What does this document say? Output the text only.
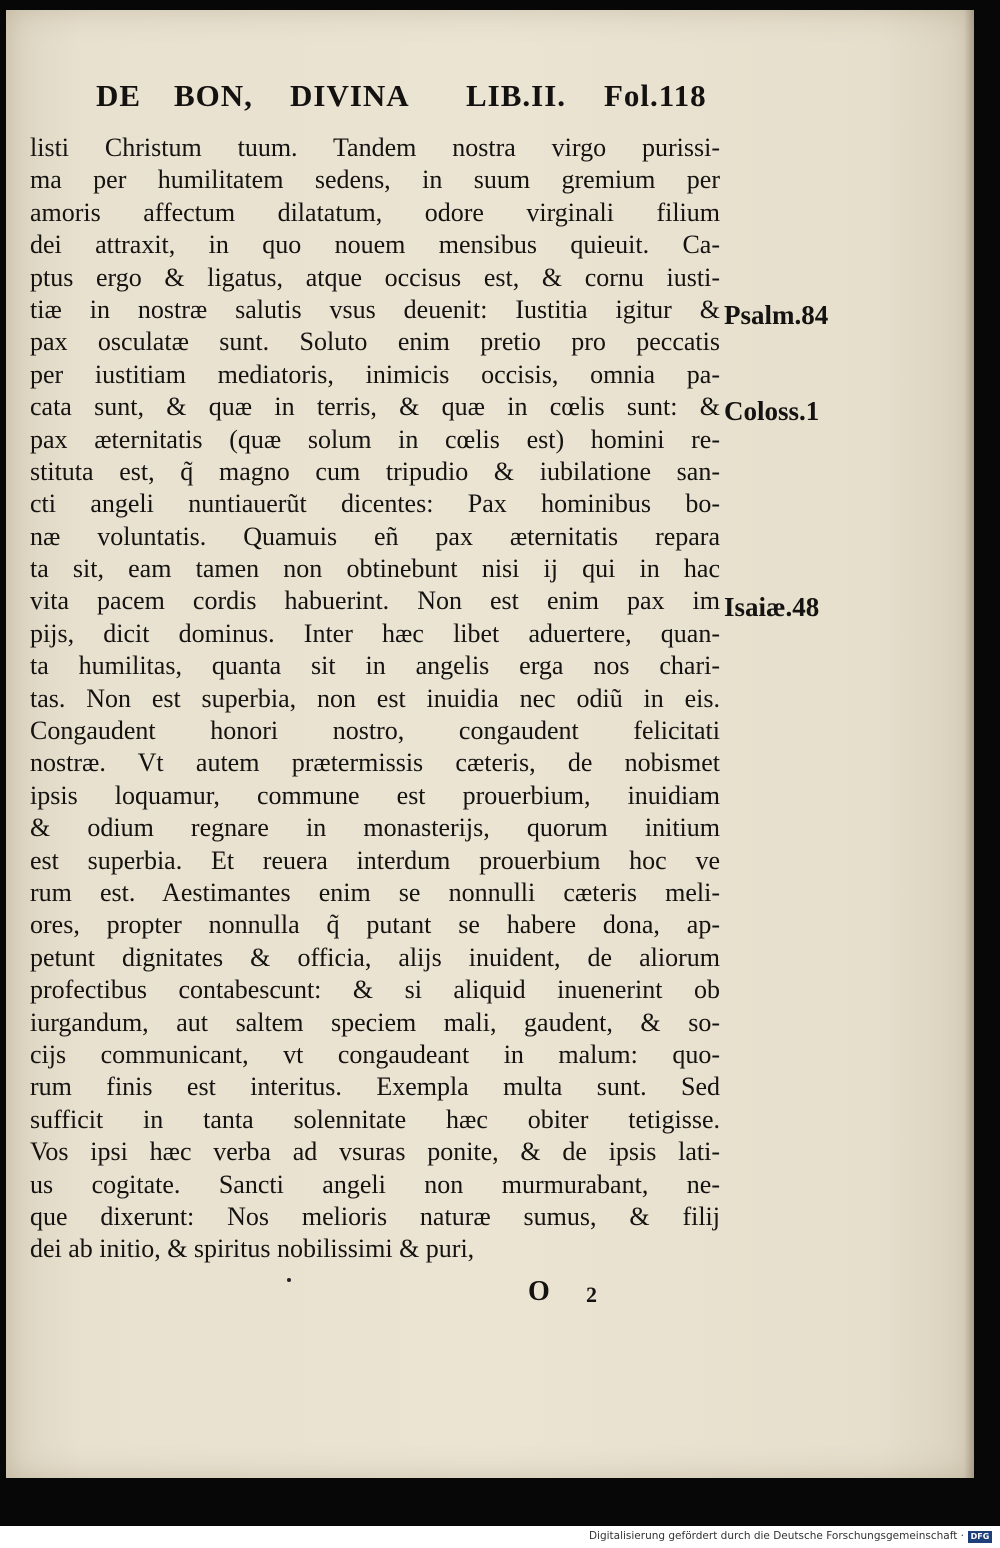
DE BON, DIVINA LIB.II. Fol.118
listi Christum tuum. Tandem nostra virgo purissi-
ma per humilitatem sedens, in suum gremium per
amoris affectum dilatatum, odore virginali filium
dei attraxit, in quo nouem mensibus quieuit. Ca-
ptus ergo & ligatus, atque occisus est, & cornu iusti-
tiæ in nostræ salutis vsus deuenit: Iustitia igitur &
pax osculatæ sunt. Soluto enim pretio pro peccatis
per iustitiam mediatoris, inimicis occisis, omnia pa-
cata sunt, & quæ in terris, & quæ in cœlis sunt: &
pax æternitatis (quæ solum in cœlis est) homini re-
stituta est, q̃ magno cum tripudio & iubilatione san-
cti angeli nuntiauerũt dicentes: Pax hominibus bo-
næ voluntatis. Quamuis eñ pax æternitatis repara
ta sit, eam tamen non obtinebunt nisi ij qui in hac
vita pacem cordis habuerint. Non est enim pax im
pijs, dicit dominus. Inter hæc libet aduertere, quan-
ta humilitas, quanta sit in angelis erga nos chari-
tas. Non est superbia, non est inuidia nec odiũ in eis.
Congaudent honori nostro, congaudent felicitati
nostræ. Vt autem prætermissis cæteris, de nobismet
ipsis loquamur, commune est prouerbium, inuidiam
& odium regnare in monasterijs, quorum initium
est superbia. Et reuera interdum prouerbium hoc ve
rum est. Aestimantes enim se nonnulli cæteris meli-
ores, propter nonnulla q̃ putant se habere dona, ap-
petunt dignitates & officia, alijs inuident, de aliorum
profectibus contabescunt: & si aliquid inuenerint ob
iurgandum, aut saltem speciem mali, gaudent, & so-
cijs communicant, vt congaudeant in malum: quo-
rum finis est interitus. Exempla multa sunt. Sed
sufficit in tanta solennitate hæc obiter tetigisse.
Vos ipsi hæc verba ad vsuras ponite, & de ipsis lati-
us cogitate. Sancti angeli non murmurabant, ne-
que dixerunt: Nos melioris naturæ sumus, & filij
dei ab initio, & spiritus nobilissimi & puri,
Psalm.84
Coloss.1
Isaiæ.48
O 2
Digitalisierung gefördert durch die Deutsche Forschungsgemeinschaft · DFG
